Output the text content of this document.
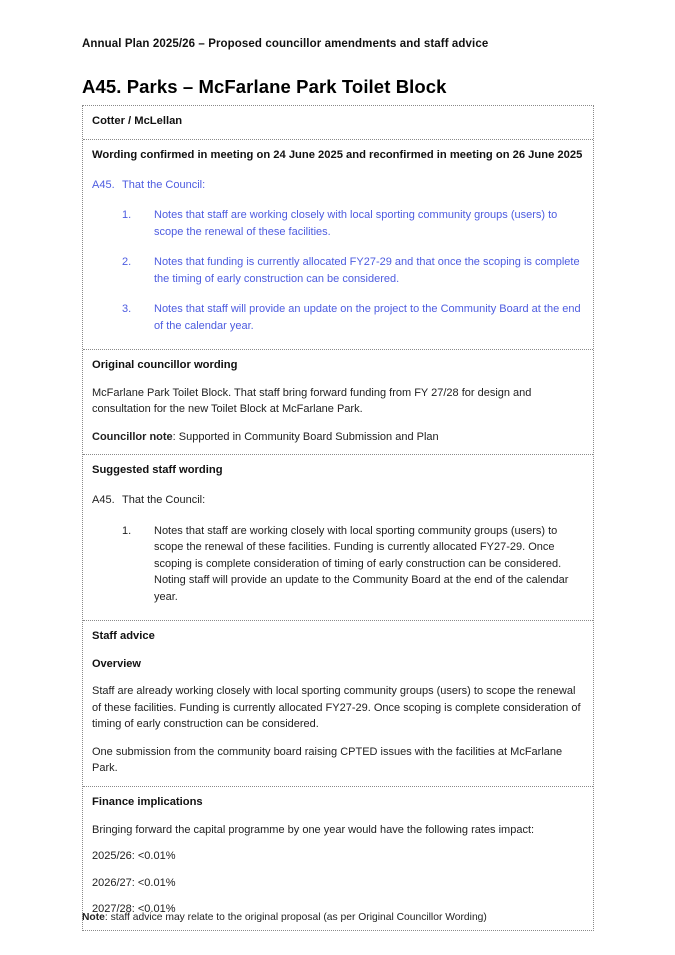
Annual Plan 2025/26 – Proposed councillor amendments and staff advice

A45. Parks – McFarlane Park Toilet Block

Cotter / McLellan

Wording confirmed in meeting on 24 June 2025 and reconfirmed in meeting on 26 June 2025

A45. That the Council:
1.	Notes that staff are working closely with local sporting community groups (users) to scope the renewal of these facilities.
2.	Notes that funding is currently allocated FY27-29 and that once the scoping is complete the timing of early construction can be considered.
3.	Notes that staff will provide an update on the project to the Community Board at the end of the calendar year.

Original councillor wording

McFarlane Park Toilet Block. That staff bring forward funding from FY 27/28 for design and consultation for the new Toilet Block at McFarlane Park.

Councillor note: Supported in Community Board Submission and Plan

Suggested staff wording

A45. That the Council:
1.	Notes that staff are working closely with local sporting community groups (users) to scope the renewal of these facilities. Funding is currently allocated FY27-29. Once scoping is complete consideration of timing of early construction can be considered. Noting staff will provide an update to the Community Board at the end of the calendar year.

Staff advice

Overview

Staff are already working closely with local sporting community groups (users) to scope the renewal of these facilities. Funding is currently allocated FY27-29. Once scoping is complete consideration of timing of early construction can be considered.

One submission from the community board raising CPTED issues with the facilities at McFarlane Park.

Finance implications

Bringing forward the capital programme by one year would have the following rates impact:

2025/26: <0.01%

2026/27: <0.01%

2027/28: <0.01%

Note: staff advice may relate to the original proposal (as per Original Councillor Wording)
